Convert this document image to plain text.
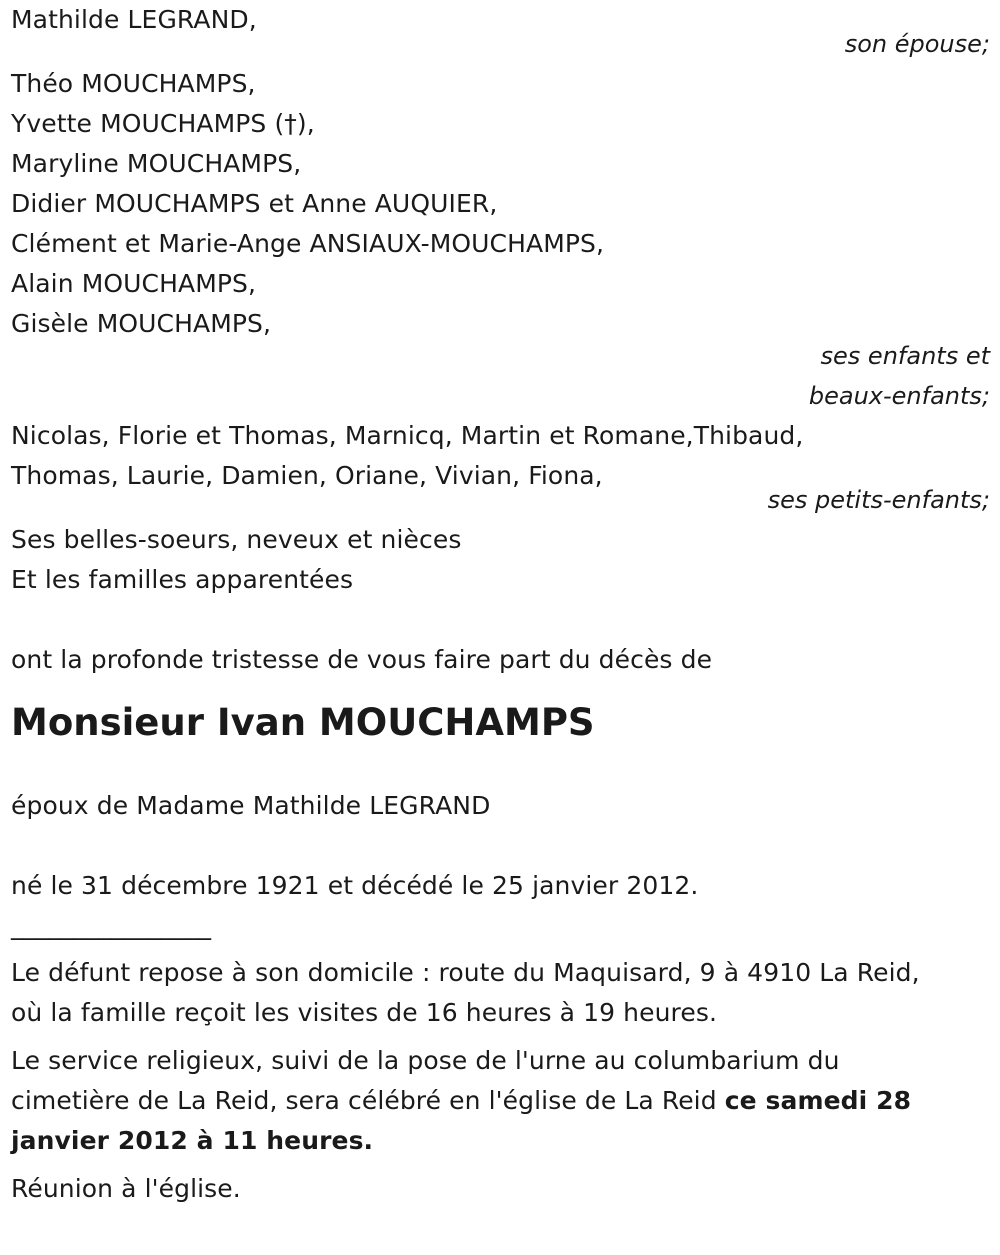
Mathilde LEGRAND,
son épouse;
Théo MOUCHAMPS,
Yvette MOUCHAMPS (†),
Maryline MOUCHAMPS,
Didier MOUCHAMPS et Anne AUQUIER,
Clément et Marie-Ange ANSIAUX-MOUCHAMPS,
Alain MOUCHAMPS,
Gisèle MOUCHAMPS,
ses enfants et
beaux-enfants;
Nicolas, Florie et Thomas, Marnicq, Martin et Romane,Thibaud,
Thomas, Laurie, Damien, Oriane, Vivian, Fiona,
ses petits-enfants;
Ses belles-soeurs, neveux et nièces
Et les familles apparentées
ont la profonde tristesse de vous faire part du décès de
Monsieur Ivan MOUCHAMPS
époux de Madame Mathilde LEGRAND
né le 31 décembre 1921 et décédé le 25 janvier 2012.
________________

Le défunt repose à son domicile : route du Maquisard, 9 à 4910 La Reid,
où la famille reçoit les visites de 16 heures à 19 heures.

Le service religieux, suivi de la pose de l'urne au columbarium du
cimetière de La Reid, sera célébré en l'église de La Reid ce samedi 28
janvier 2012 à 11 heures.

Réunion à l'église.
